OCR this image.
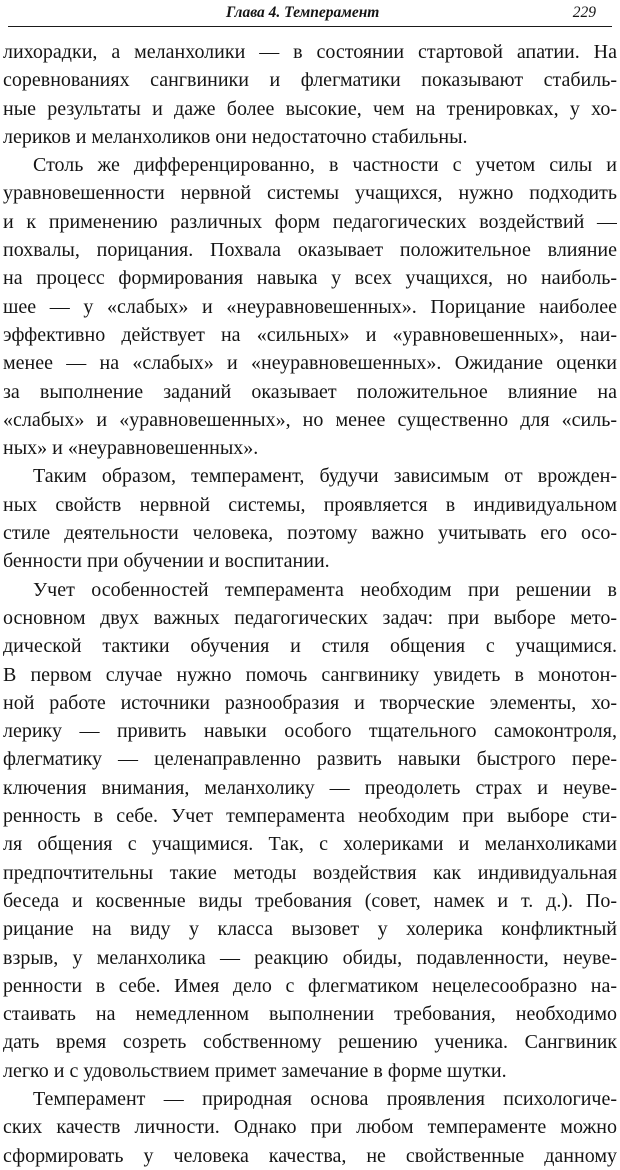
Глава 4. Темперамент	229
лихорадки, а меланхолики — в состоянии стартовой апатии. На
соревнованиях сангвиники и флегматики показывают стабиль-
ные результаты и даже более высокие, чем на тренировках, у хо-
лериков и меланхоликов они недостаточно стабильны.
Столь же дифференцированно, в частности с учетом силы и
уравновешенности нервной системы учащихся, нужно подходить
и к применению различных форм педагогических воздействий —
похвалы, порицания. Похвала оказывает положительное влияние
на процесс формирования навыка у всех учащихся, но наиболь-
шее — у «слабых» и «неуравновешенных». Порицание наиболее
эффективно действует на «сильных» и «уравновешенных», наи-
менее — на «слабых» и «неуравновешенных». Ожидание оценки
за выполнение заданий оказывает положительное влияние на
«слабых» и «уравновешенных», но менее существенно для «силь-
ных» и «неуравновешенных».
Таким образом, темперамент, будучи зависимым от врожден-
ных свойств нервной системы, проявляется в индивидуальном
стиле деятельности человека, поэтому важно учитывать его осо-
бенности при обучении и воспитании.
Учет особенностей темперамента необходим при решении в
основном двух важных педагогических задач: при выборе мето-
дической тактики обучения и стиля общения с учащимися.
В первом случае нужно помочь сангвинику увидеть в монотон-
ной работе источники разнообразия и творческие элементы, хо-
лерику — привить навыки особого тщательного самоконтроля,
флегматику — целенаправленно развить навыки быстрого пере-
ключения внимания, меланхолику — преодолеть страх и неуве-
ренность в себе. Учет темперамента необходим при выборе сти-
ля общения с учащимися. Так, с холериками и меланхоликами
предпочтительны такие методы воздействия как индивидуальная
беседа и косвенные виды требования (совет, намек и т. д.). По-
рицание на виду у класса вызовет у холерика конфликтный
взрыв, у меланхолика — реакцию обиды, подавленности, неуве-
ренности в себе. Имея дело с флегматиком нецелесообразно на-
стаивать на немедленном выполнении требования, необходимо
дать время созреть собственному решению ученика. Сангвиник
легко и с удовольствием примет замечание в форме шутки.
Темперамент — природная основа проявления психологиче-
ских качеств личности. Однако при любом темпераменте можно
сформировать у человека качества, не свойственные данному
